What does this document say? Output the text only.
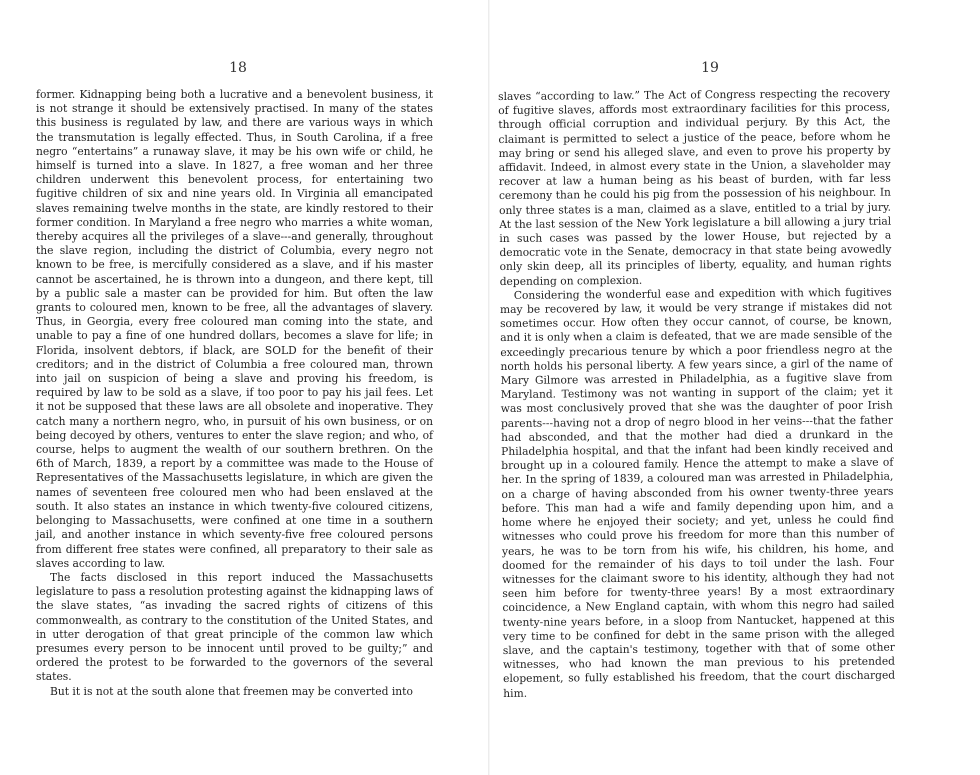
18

former. Kidnapping being both a lucrative and a benevolent business, it is not strange it should be extensively practised. In many of the states this business is regulated by law, and there are various ways in which the transmutation is legally effected. Thus, in South Carolina, if a free negro “entertains” a runaway slave, it may be his own wife or child, he himself is turned into a slave. In 1827, a free woman and her three children underwent this benevolent process, for entertaining two fugitive children of six and nine years old. In Virginia all emancipated slaves remaining twelve months in the state, are kindly restored to their former condition. In Maryland a free negro who marries a white woman, thereby acquires all the privileges of a slave---and generally, throughout the slave region, including the district of Columbia, every negro not known to be free, is mercifully considered as a slave, and if his master cannot be ascertained, he is thrown into a dungeon, and there kept, till by a public sale a master can be provided for him. But often the law grants to coloured men, known to be free, all the advantages of slavery. Thus, in Georgia, every free coloured man coming into the state, and unable to pay a fine of one hundred dollars, becomes a slave for life; in Florida, insolvent debtors, if black, are SOLD for the benefit of their creditors; and in the district of Columbia a free coloured man, thrown into jail on suspicion of being a slave and proving his freedom, is required by law to be sold as a slave, if too poor to pay his jail fees. Let it not be supposed that these laws are all obsolete and inoperative. They catch many a northern negro, who, in pursuit of his own business, or on being decoyed by others, ventures to enter the slave region; and who, of course, helps to augment the wealth of our southern brethren. On the 6th of March, 1839, a report by a committee was made to the House of Representatives of the Massachusetts legislature, in which are given the names of seventeen free coloured men who had been enslaved at the south. It also states an instance in which twenty-five coloured citizens, belonging to Massachusetts, were confined at one time in a southern jail, and another instance in which seventy-five free coloured persons from different free states were confined, all preparatory to their sale as slaves according to law.

The facts disclosed in this report induced the Massachusetts legislature to pass a resolution protesting against the kidnapping laws of the slave states, “as invading the sacred rights of citizens of this commonwealth, as contrary to the constitution of the United States, and in utter derogation of that great principle of the common law which presumes every person to be innocent until proved to be guilty;” and ordered the protest to be forwarded to the governors of the several states.

But it is not at the south alone that freemen may be converted into

19

slaves “according to law.” The Act of Congress respecting the recovery of fugitive slaves, affords most extraordinary facilities for this process, through official corruption and individual perjury. By this Act, the claimant is permitted to select a justice of the peace, before whom he may bring or send his alleged slave, and even to prove his property by affidavit. Indeed, in almost every state in the Union, a slaveholder may recover at law a human being as his beast of burden, with far less ceremony than he could his pig from the possession of his neighbour. In only three states is a man, claimed as a slave, entitled to a trial by jury. At the last session of the New York legislature a bill allowing a jury trial in such cases was passed by the lower House, but rejected by a democratic vote in the Senate, democracy in that state being avowedly only skin deep, all its principles of liberty, equality, and human rights depending on complexion.

Considering the wonderful ease and expedition with which fugitives may be recovered by law, it would be very strange if mistakes did not sometimes occur. How often they occur cannot, of course, be known, and it is only when a claim is defeated, that we are made sensible of the exceedingly precarious tenure by which a poor friendless negro at the north holds his personal liberty. A few years since, a girl of the name of Mary Gilmore was arrested in Philadelphia, as a fugitive slave from Maryland. Testimony was not wanting in support of the claim; yet it was most conclusively proved that she was the daughter of poor Irish parents---having not a drop of negro blood in her veins---that the father had absconded, and that the mother had died a drunkard in the Philadelphia hospital, and that the infant had been kindly received and brought up in a coloured family. Hence the attempt to make a slave of her. In the spring of 1839, a coloured man was arrested in Philadelphia, on a charge of having absconded from his owner twenty-three years before. This man had a wife and family depending upon him, and a home where he enjoyed their society; and yet, unless he could find witnesses who could prove his freedom for more than this number of years, he was to be torn from his wife, his children, his home, and doomed for the remainder of his days to toil under the lash. Four witnesses for the claimant swore to his identity, although they had not seen him before for twenty-three years! By a most extraordinary coincidence, a New England captain, with whom this negro had sailed twenty-nine years before, in a sloop from Nantucket, happened at this very time to be confined for debt in the same prison with the alleged slave, and the captain's testimony, together with that of some other witnesses, who had known the man previous to his pretended elopement, so fully established his freedom, that the court discharged him.
